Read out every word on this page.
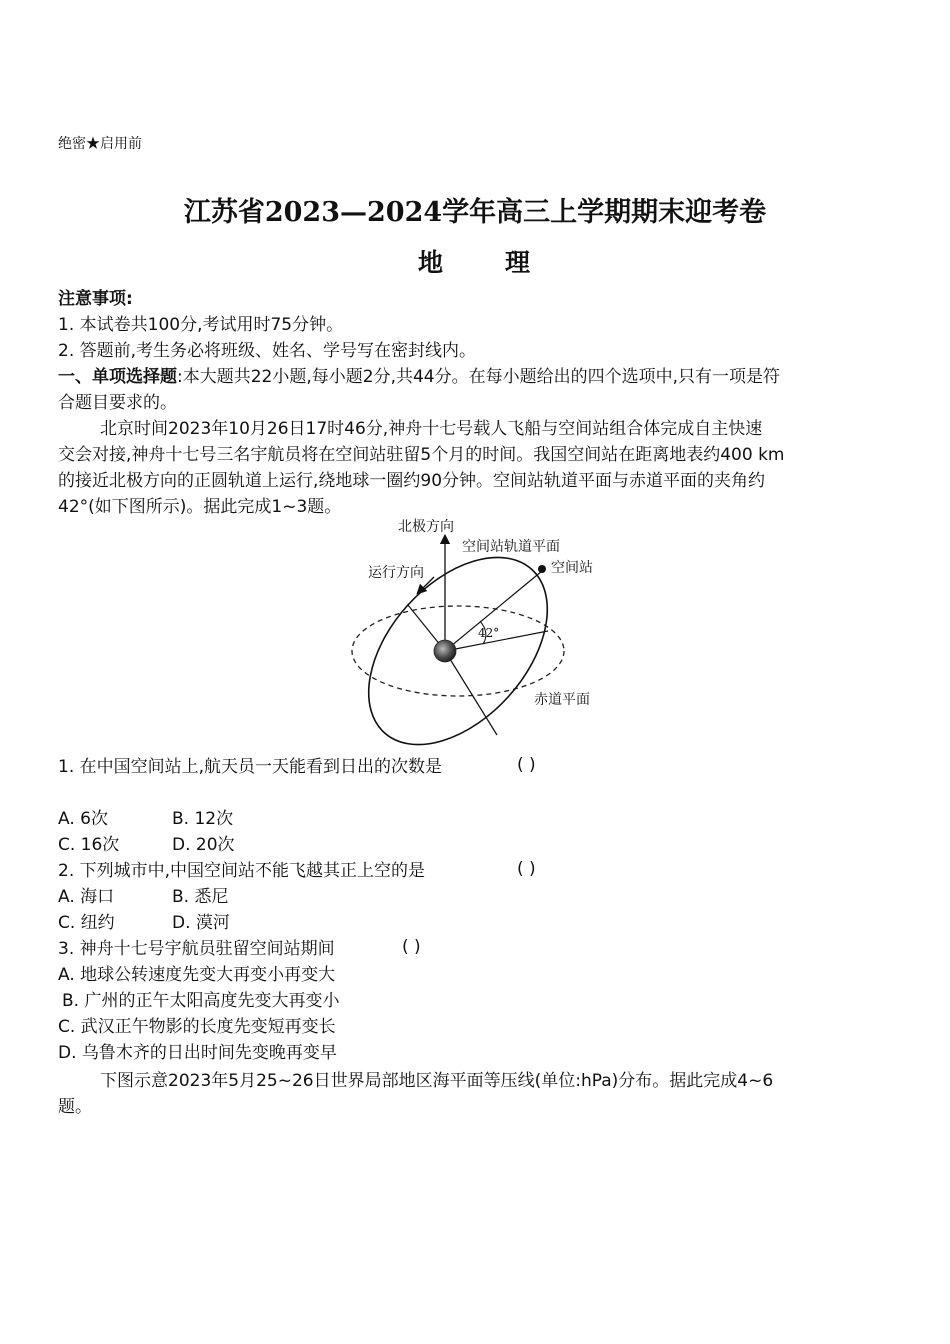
绝密★启用前
江苏省2023—2024学年高三上学期期末迎考卷
地理
注意事项:
1. 本试卷共100分,考试用时75分钟。
2. 答题前,考生务必将班级、姓名、学号写在密封线内。
一、单项选择题:本大题共22小题,每小题2分,共44分。在每小题给出的四个选项中,只有一项是符
合题目要求的。
北京时间2023年10月26日17时46分,神舟十七号载人飞船与空间站组合体完成自主快速
交会对接,神舟十七号三名宇航员将在空间站驻留5个月的时间。我国空间站在距离地表约400 km
的接近北极方向的正圆轨道上运行,绕地球一圈约90分钟。空间站轨道平面与赤道平面的夹角约
42°(如下图所示)。据此完成1~3题。
北极方向
空间站轨道平面
运行方向	空间站
42°
赤道平面
1. 在中国空间站上,航天员一天能看到日出的次数是	( )
A. 6次	B. 12次
C. 16次	D. 20次
2. 下列城市中,中国空间站不能飞越其正上空的是	( )
A. 海口	B. 悉尼
C. 纽约	D. 漠河
3. 神舟十七号宇航员驻留空间站期间	( )
A. 地球公转速度先变大再变小再变大
B. 广州的正午太阳高度先变大再变小
C. 武汉正午物影的长度先变短再变长
D. 乌鲁木齐的日出时间先变晚再变早
下图示意2023年5月25~26日世界局部地区海平面等压线(单位:hPa)分布。据此完成4~6
题。
